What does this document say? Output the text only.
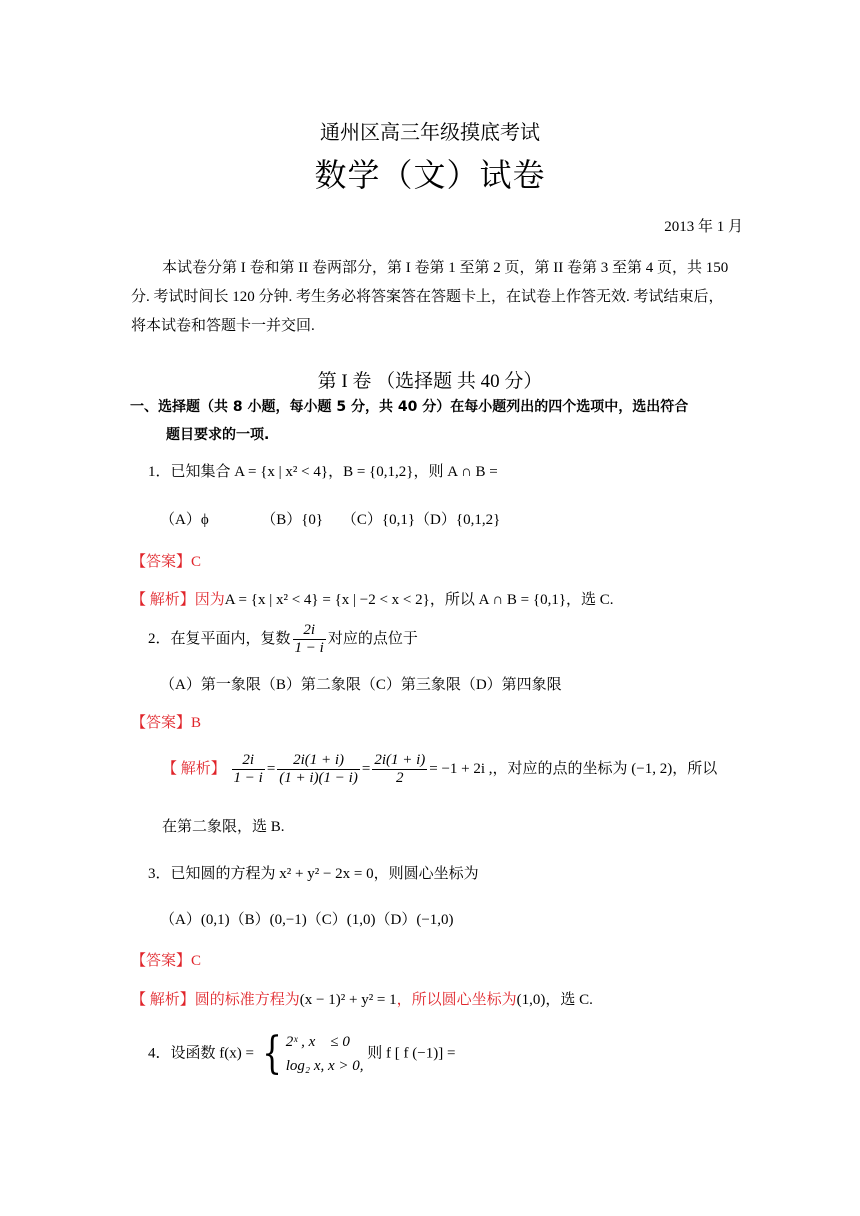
通州区高三年级摸底考试
数学（文）试卷
2013 年 1 月
本试卷分第 I 卷和第 II 卷两部分，第 I 卷第 1 至第 2 页，第 II 卷第 3 至第 4 页，共 150
分. 考试时间长 120 分钟. 考生务必将答案答在答题卡上，在试卷上作答无效. 考试结束后，
将本试卷和答题卡一并交回.
第 I 卷 （选择题 共 40 分）
一、选择题（共 8 小题，每小题 5 分，共 40 分）在每小题列出的四个选项中，选出符合
题目要求的一项.
1．已知集合 A = {x | x² < 4}，B = {0,1,2}，则 A ∩ B =
（A）ϕ　　　　（B）{0}　 （C）{0,1}（D）{0,1,2}
【答案】C
【 解析】因为A = {x | x² < 4} = {x | −2 < x < 2}，所以 A ∩ B = {0,1}，选 C.
2．在复平面内，复数 $\frac{2i}{1 - i}$ 对应的点位于
（A）第一象限（B）第二象限（C）第三象限（D）第四象限
【答案】B
【 解析】 $\frac{2i}{1 - i} = \frac{2i(1 + i)}{(1 + i)(1 - i)} = \frac{2i(1 + i)}{2} = -1 + 2i$ ,，对应的点的坐标为 (−1, 2)，所以
在第二象限，选 B.
3．已知圆的方程为 x² + y² − 2x = 0，则圆心坐标为
（A）(0,1)（B）(0,−1)（C）(1,0)（D）(−1,0)
【答案】C
【 解析】圆的标准方程为(x − 1)² + y² = 1，所以圆心坐标为(1,0)，选 C.
4．设函数 f(x) = { 2ˣ , x　≤ 0
log₂ x, x > 0,
则 f [ f (−1)] =
